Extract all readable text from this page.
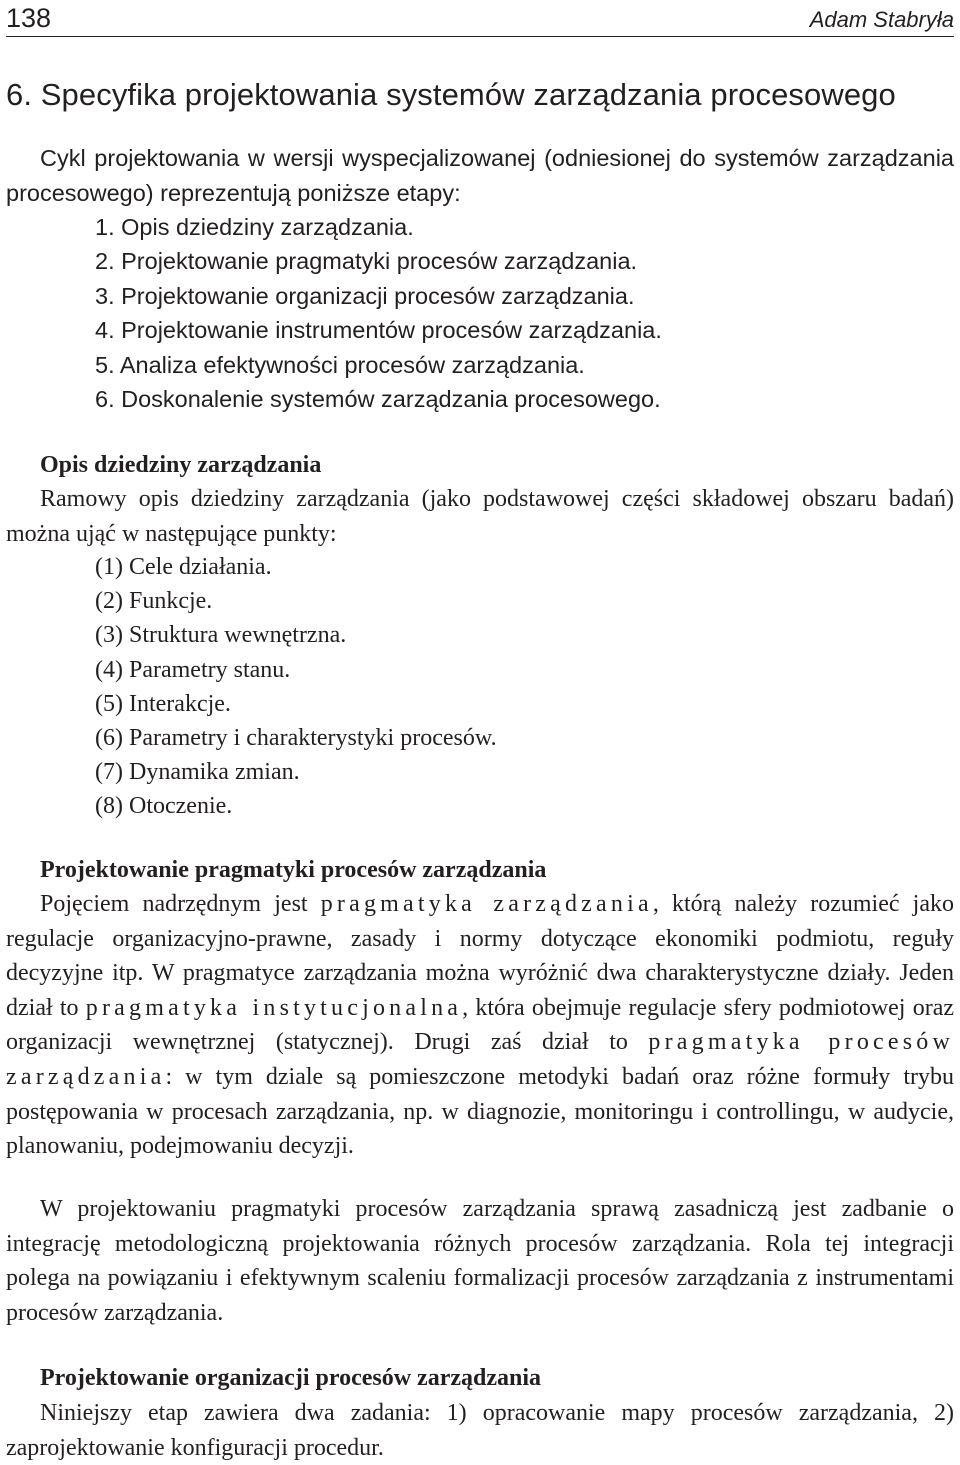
138	Adam Stabryła
6. Specyfika projektowania systemów zarządzania procesowego

Cykl projektowania w wersji wyspecjalizowanej (odniesionej do systemów zarządzania procesowego) reprezentują poniższe etapy:

1. Opis dziedziny zarządzania.
2. Projektowanie pragmatyki procesów zarządzania.
3. Projektowanie organizacji procesów zarządzania.
4. Projektowanie instrumentów procesów zarządzania.
5. Analiza efektywności procesów zarządzania.
6. Doskonalenie systemów zarządzania procesowego.
Opis dziedziny zarządzania

Ramowy opis dziedziny zarządzania (jako podstawowej części składowej obszaru badań) można ująć w następujące punkty:

(1) Cele działania.
(2) Funkcje.
(3) Struktura wewnętrzna.
(4) Parametry stanu.
(5) Interakcje.
(6) Parametry i charakterystyki procesów.
(7) Dynamika zmian.
(8) Otoczenie.
Projektowanie pragmatyki procesów zarządzania

Pojęciem nadrzędnym jest pragmatyka zarządzania, którą należy rozumieć jako regulacje organizacyjno-prawne, zasady i normy dotyczące ekonomiki podmiotu, reguły decyzyjne itp. W pragmatyce zarządzania można wyróżnić dwa charakterystyczne działy. Jeden dział to pragmatyka instytucjonalna, która obejmuje regulacje sfery podmiotowej oraz organizacji wewnętrznej (statycznej). Drugi zaś dział to pragmatyka procesów zarządzania: w tym dziale są pomieszczone metodyki badań oraz różne formuły trybu postępowania w procesach zarządzania, np. w diagnozie, monitoringu i controllingu, w audycie, planowaniu, podejmowaniu decyzji.

W projektowaniu pragmatyki procesów zarządzania sprawą zasadniczą jest zadbanie o integrację metodologiczną projektowania różnych procesów zarządzania. Rola tej integracji polega na powiązaniu i efektywnym scaleniu formalizacji procesów zarządzania z instrumentami procesów zarządzania.

Projektowanie organizacji procesów zarządzania

Niniejszy etap zawiera dwa zadania: 1) opracowanie mapy procesów zarządzania, 2) zaprojektowanie konfiguracji procedur.
